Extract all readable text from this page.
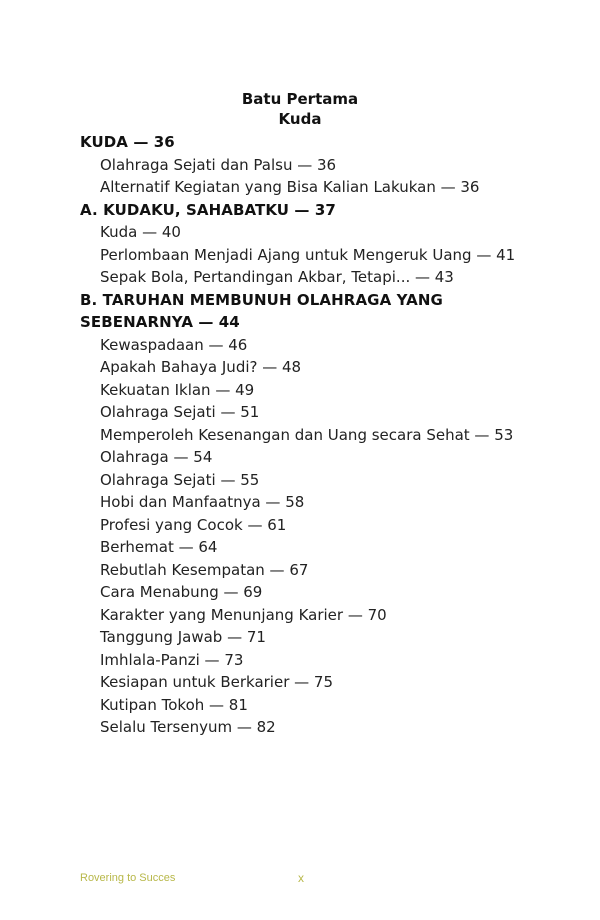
Batu Pertama
Kuda
KUDA — 36
Olahraga Sejati dan Palsu — 36
Alternatif Kegiatan yang Bisa Kalian Lakukan — 36
A. KUDAKU, SAHABATKU — 37
Kuda — 40
Perlombaan Menjadi Ajang untuk Mengeruk Uang — 41
Sepak Bola, Pertandingan Akbar, Tetapi... — 43
B. TARUHAN MEMBUNUH OLAHRAGA YANG
SEBENARNYA — 44
Kewaspadaan — 46
Apakah Bahaya Judi? — 48
Kekuatan Iklan — 49
Olahraga Sejati — 51
Memperoleh Kesenangan dan Uang secara Sehat — 53
Olahraga — 54
Olahraga Sejati — 55
Hobi dan Manfaatnya — 58
Profesi yang Cocok — 61
Berhemat — 64
Rebutlah Kesempatan — 67
Cara Menabung — 69
Karakter yang Menunjang Karier — 70
Tanggung Jawab — 71
Imhlala-Panzi — 73
Kesiapan untuk Berkarier — 75
Kutipan Tokoh — 81
Selalu Tersenyum — 82
Rovering to Succes	x
